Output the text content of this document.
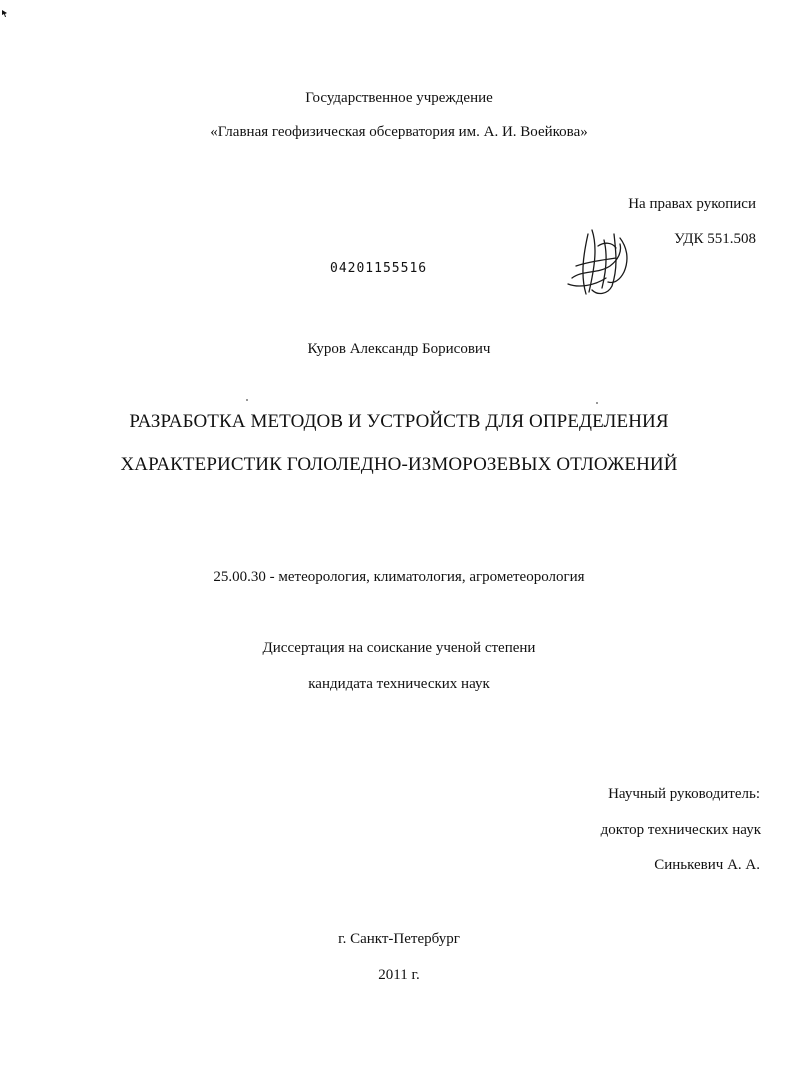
Государственное учреждение
«Главная геофизическая обсерватория им. А. И. Воейкова»
На правах рукописи
УДК 551.508
04201155516
Куров Александр Борисович
РАЗРАБОТКА МЕТОДОВ И УСТРОЙСТВ ДЛЯ ОПРЕДЕЛЕНИЯ
ХАРАКТЕРИСТИК ГОЛОЛЕДНО-ИЗМОРОЗЕВЫХ ОТЛОЖЕНИЙ
25.00.30 - метеорология, климатология, агрометеорология
Диссертация на соискание ученой степени
кандидата технических наук
Научный руководитель:
доктор технических наук
Синькевич А. А.
г. Санкт-Петербург
2011 г.
